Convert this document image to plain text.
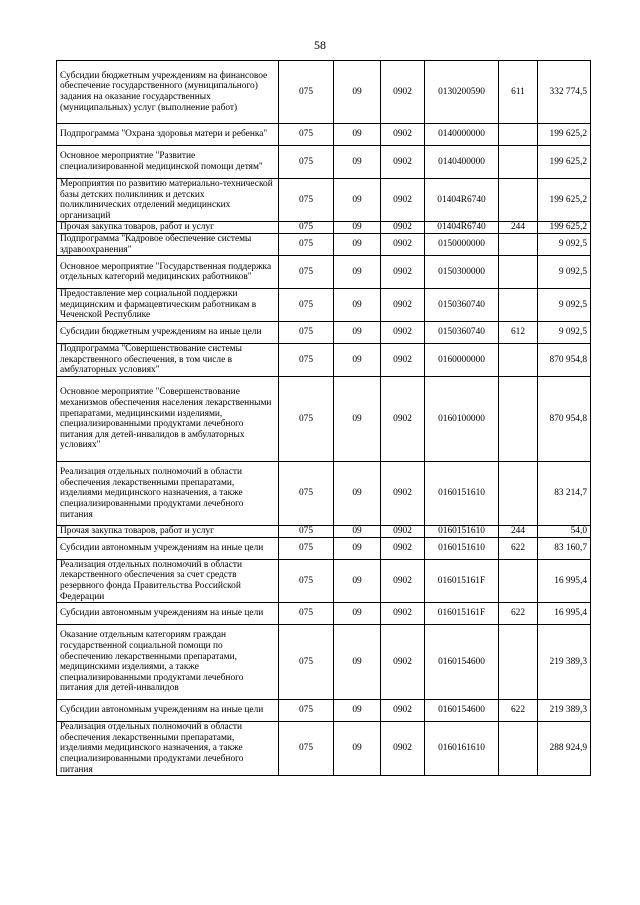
58
Субсидии бюджетным учреждениям на финансовое обеспечение государственного (муниципального) задания на оказание государственных (муниципальных) услуг (выполнение работ)	075	09	0902	0130200590	611	332 774,5
Подпрограмма "Охрана здоровья матери и ребенка"	075	09	0902	0140000000		199 625,2
Основное мероприятие "Развитие специализированной медицинской помощи детям"	075	09	0902	0140400000		199 625,2
Мероприятия по развитию материально-технической базы детских поликлиник и детских поликлинических отделений медицинских организаций	075	09	0902	01404R6740		199 625,2
Прочая закупка товаров, работ и услуг	075	09	0902	01404R6740	244	199 625,2
Подпрограмма "Кадровое обеспечение системы здравоохранения"	075	09	0902	0150000000		9 092,5
Основное мероприятие "Государственная поддержка отдельных категорий медицинских работников"	075	09	0902	0150300000		9 092,5
Предоставление мер социальной поддержки медицинским и фармацевтическим работникам в Чеченской Республике	075	09	0902	0150360740		9 092,5
Субсидии бюджетным учреждениям на иные цели	075	09	0902	0150360740	612	9 092,5
Подпрограмма "Совершенствование системы лекарственного обеспечения, в том числе в амбулаторных условиях"	075	09	0902	0160000000		870 954,8
Основное мероприятие "Совершенствование механизмов обеспечения населения лекарственными препаратами, медицинскими изделиями, специализированными продуктами лечебного питания для детей-инвалидов в амбулаторных условиях"	075	09	0902	0160100000		870 954,8
Реализация отдельных полномочий в области обеспечения лекарственными препаратами, изделиями медицинского назначения, а также специализированными продуктами лечебного питания	075	09	0902	0160151610		83 214,7
Прочая закупка товаров, работ и услуг	075	09	0902	0160151610	244	54,0
Субсидии автономным учреждениям на иные цели	075	09	0902	0160151610	622	83 160,7
Реализация отдельных полномочий в области лекарственного обеспечения за счет средств резервного фонда Правительства Российской Федерации	075	09	0902	016015161F		16 995,4
Субсидии автономным учреждениям на иные цели	075	09	0902	016015161F	622	16 995,4
Оказание отдельным категориям граждан государственной социальной помощи по обеспечению лекарственными препаратами, медицинскими изделиями, а также специализированными продуктами лечебного питания для детей-инвалидов	075	09	0902	0160154600		219 389,3
Субсидии автономным учреждениям на иные цели	075	09	0902	0160154600	622	219 389,3
Реализация отдельных полномочий в области обеспечения лекарственными препаратами, изделиями медицинского назначения, а также специализированными продуктами лечебного питания	075	09	0902	0160161610		288 924,9
